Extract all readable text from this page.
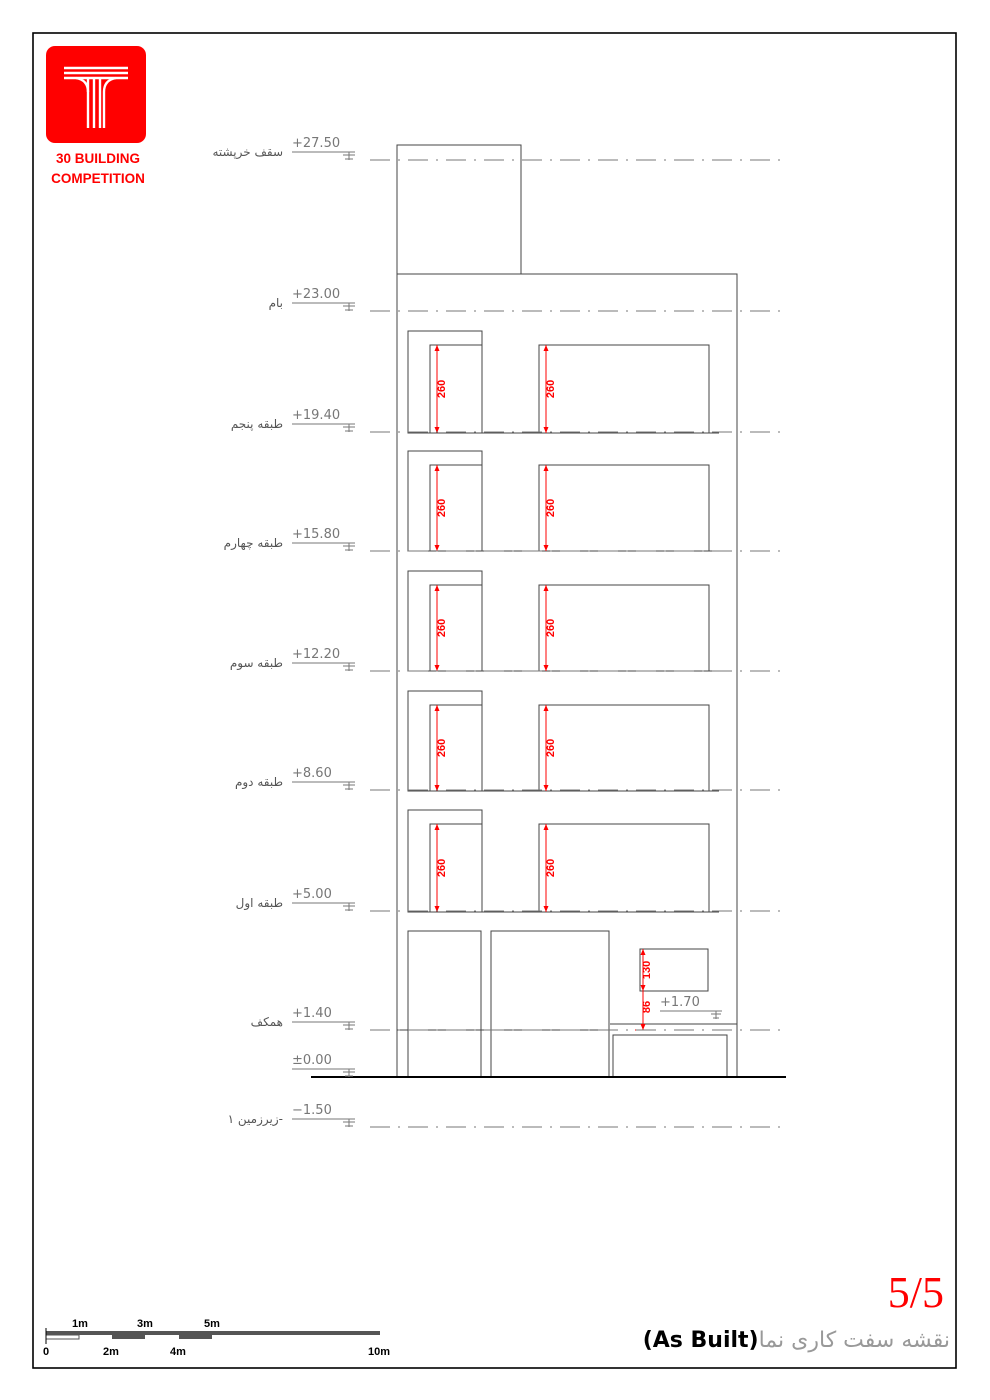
260	260
260	260
260	260
260	260
260	260
130
86 +1.70
+27.50
سقف خرپشته
+23.00
بام
+19.40
طبقه پنجم
+15.80
طبقه چهارم
+12.20
طبقه سوم
+8.60
طبقه دوم
+5.00
طبقه اول
+1.40
همکف
±0.00
−1.50
زیرزمین ۱-
1m	3m	5m
0	2m	4m	10m
30 BUILDING
COMPETITION
5/5
(As Built)نقشه سفت کاری نما
